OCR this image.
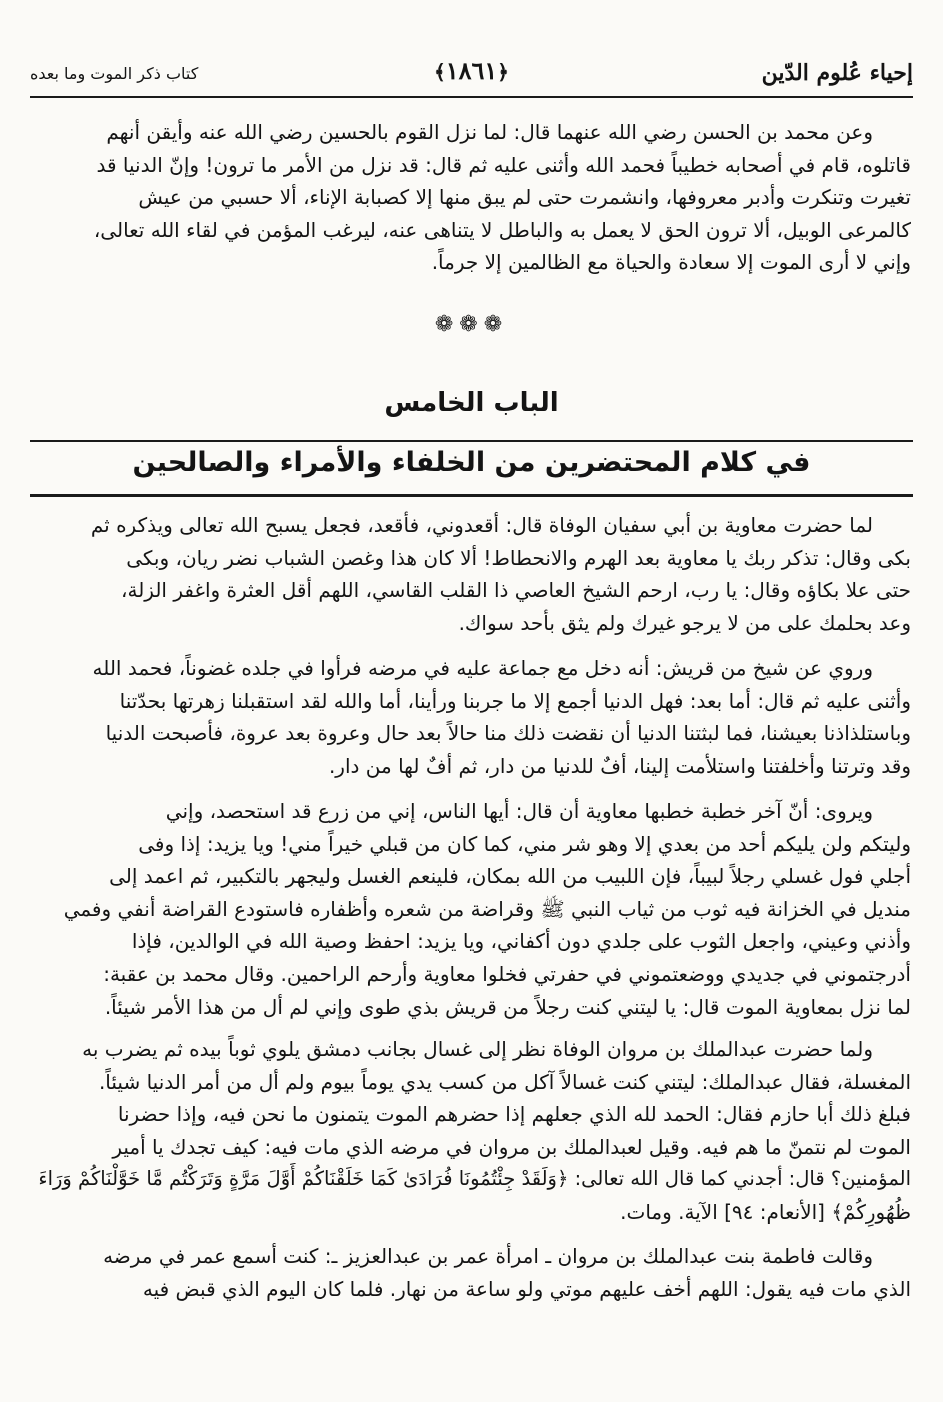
إحياء عُلوم الدّين
﴿١٨٦١﴾
كتاب ذكر الموت وما بعده
وعن محمد بن الحسن رضي الله عنهما قال: لما نزل القوم بالحسين رضي الله عنه وأيقن أنهم
قاتلوه، قام في أصحابه خطيباً فحمد الله وأثنى عليه ثم قال: قد نزل من الأمر ما ترون! وإنّ الدنيا قد
تغيرت وتنكرت وأدبر معروفها، وانشمرت حتى لم يبق منها إلا كصبابة الإناء، ألا حسبي من عيش
كالمرعى الوبيل، ألا ترون الحق لا يعمل به والباطل لا يتناهى عنه، ليرغب المؤمن في لقاء الله تعالى،
وإني لا أرى الموت إلا سعادة والحياة مع الظالمين إلا جرماً.
❁❁❁
الباب الخامس
في كلام المحتضرين من الخلفاء والأمراء والصالحين
لما حضرت معاوية بن أبي سفيان الوفاة قال: أقعدوني، فأقعد، فجعل يسبح الله تعالى ويذكره ثم
بكى وقال: تذكر ربك يا معاوية بعد الهرم والانحطاط! ألا كان هذا وغصن الشباب نضر ريان، وبكى
حتى علا بكاؤه وقال: يا رب، ارحم الشيخ العاصي ذا القلب القاسي، اللهم أقل العثرة واغفر الزلة،
وعد بحلمك على من لا يرجو غيرك ولم يثق بأحد سواك.
وروي عن شيخ من قريش: أنه دخل مع جماعة عليه في مرضه فرأوا في جلده غضوناً، فحمد الله
وأثنى عليه ثم قال: أما بعد: فهل الدنيا أجمع إلا ما جربنا ورأينا، أما والله لقد استقبلنا زهرتها بحدّتنا
وباستلذاذنا بعيشنا، فما لبثتنا الدنيا أن نقضت ذلك منا حالاً بعد حال وعروة بعد عروة، فأصبحت الدنيا
وقد وترتنا وأخلفتنا واستلأمت إلينا، أفٌ للدنيا من دار، ثم أفٌ لها من دار.
ويروى: أنّ آخر خطبة خطبها معاوية أن قال: أيها الناس، إني من زرع قد استحصد، وإني
وليتكم ولن يليكم أحد من بعدي إلا وهو شر مني، كما كان من قبلي خيراً مني! ويا يزيد: إذا وفى
أجلي فول غسلي رجلاً لبيباً، فإن اللبيب من الله بمكان، فلينعم الغسل وليجهر بالتكبير، ثم اعمد إلى
منديل في الخزانة فيه ثوب من ثياب النبي ﷺ وقراضة من شعره وأظفاره فاستودع القراضة أنفي وفمي
وأذني وعيني، واجعل الثوب على جلدي دون أكفاني، ويا يزيد: احفظ وصية الله في الوالدين، فإذا
أدرجتموني في جديدي ووضعتموني في حفرتي فخلوا معاوية وأرحم الراحمين. وقال محمد بن عقبة:
لما نزل بمعاوية الموت قال: يا ليتني كنت رجلاً من قريش بذي طوى وإني لم أل من هذا الأمر شيئاً.
ولما حضرت عبدالملك بن مروان الوفاة نظر إلى غسال بجانب دمشق يلوي ثوباً بيده ثم يضرب به
المغسلة، فقال عبدالملك: ليتني كنت غسالاً آكل من كسب يدي يوماً بيوم ولم أل من أمر الدنيا شيئاً.
فبلغ ذلك أبا حازم فقال: الحمد لله الذي جعلهم إذا حضرهم الموت يتمنون ما نحن فيه، وإذا حضرنا
الموت لم نتمنّ ما هم فيه. وقيل لعبدالملك بن مروان في مرضه الذي مات فيه: كيف تجدك يا أمير
المؤمنين؟ قال: أجدني كما قال الله تعالى: ﴿وَلَقَدْ جِئْتُمُونَا فُرَادَىٰ كَمَا خَلَقْنَاكُمْ أَوَّلَ مَرَّةٍ وَتَرَكْتُم مَّا خَوَّلْنَاكُمْ وَرَاءَ
ظُهُورِكُمْ﴾ [الأنعام: ٩٤] الآية. ومات.
وقالت فاطمة بنت عبدالملك بن مروان ـ امرأة عمر بن عبدالعزيز ـ: كنت أسمع عمر في مرضه
الذي مات فيه يقول: اللهم أخف عليهم موتي ولو ساعة من نهار. فلما كان اليوم الذي قبض فيه
